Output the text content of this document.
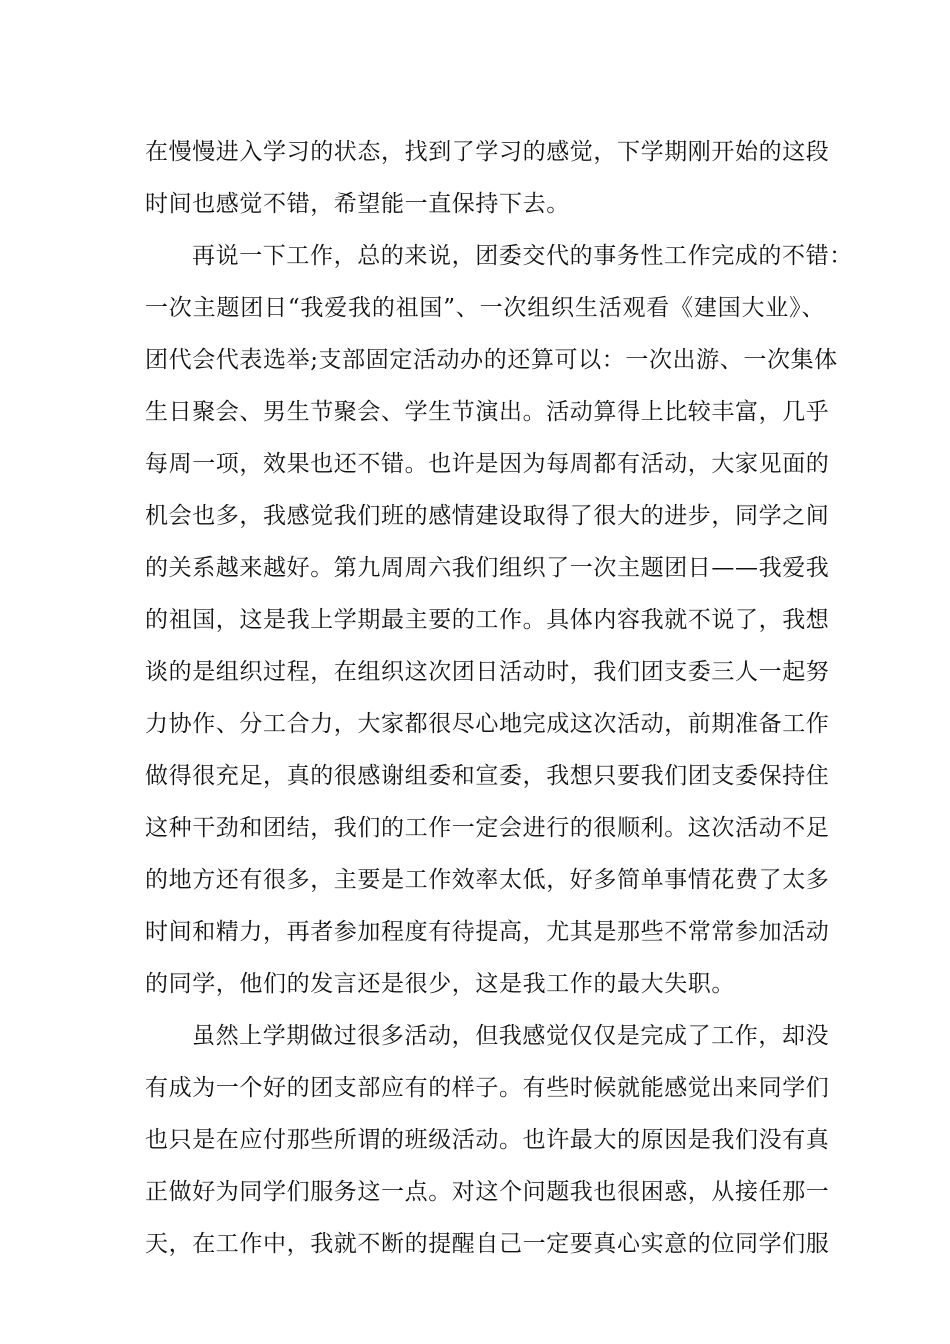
在慢慢进入学习的状态，找到了学习的感觉，下学期刚开始的这段
时间也感觉不错，希望能一直保持下去。
再说一下工作，总的来说，团委交代的事务性工作完成的不错：
一次主题团日“我爱我的祖国”、一次组织生活观看《建国大业》、
团代会代表选举;支部固定活动办的还算可以：一次出游、一次集体
生日聚会、男生节聚会、学生节演出。活动算得上比较丰富，几乎
每周一项，效果也还不错。也许是因为每周都有活动，大家见面的
机会也多，我感觉我们班的感情建设取得了很大的进步，同学之间
的关系越来越好。第九周周六我们组织了一次主题团日——我爱我
的祖国，这是我上学期最主要的工作。具体内容我就不说了，我想
谈的是组织过程，在组织这次团日活动时，我们团支委三人一起努
力协作、分工合力，大家都很尽心地完成这次活动，前期准备工作
做得很充足，真的很感谢组委和宣委，我想只要我们团支委保持住
这种干劲和团结，我们的工作一定会进行的很顺利。这次活动不足
的地方还有很多，主要是工作效率太低，好多简单事情花费了太多
时间和精力，再者参加程度有待提高，尤其是那些不常常参加活动
的同学，他们的发言还是很少，这是我工作的最大失职。
虽然上学期做过很多活动，但我感觉仅仅是完成了工作，却没
有成为一个好的团支部应有的样子。有些时候就能感觉出来同学们
也只是在应付那些所谓的班级活动。也许最大的原因是我们没有真
正做好为同学们服务这一点。对这个问题我也很困惑，从接任那一
天，在工作中，我就不断的提醒自己一定要真心实意的位同学们服
